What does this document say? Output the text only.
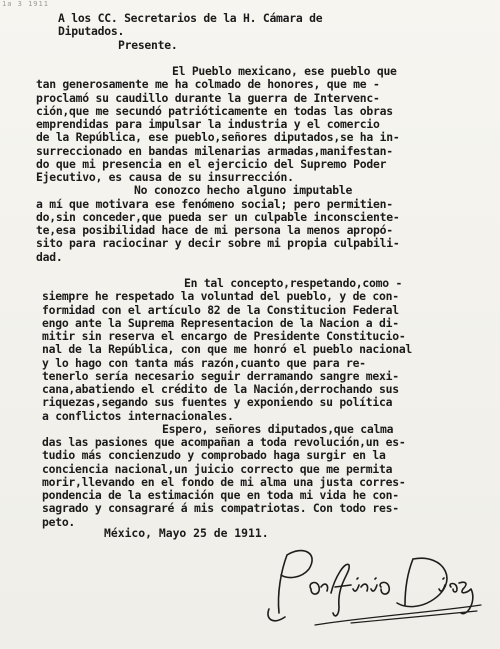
1a 3 1911
A los CC. Secretarios de la H. Cámara de
Diputados.
Presente.
El Pueblo mexicano, ese pueblo que
tan generosamente me ha colmado de honores, que me -
proclamó su caudillo durante la guerra de Intervenc-
ción,que me secundó patrióticamente en todas las obras
emprendidas para impulsar la industria y el comercio
de la República, ese pueblo,señores diputados,se ha in-
surreccionado en bandas milenarias armadas,manifestan-
do que mi presencia en el ejercicio del Supremo Poder
Ejecutivo, es causa de su insurrección.
No conozco hecho alguno imputable
a mí que motivara ese fenómeno social; pero permitien-
do,sin conceder,que pueda ser un culpable inconsciente-
te,esa posibilidad hace de mi persona la menos apropó-
sito para raciocinar y decir sobre mi propia culpabili-
dad.
En tal concepto,respetando,como -
siempre he respetado la voluntad del pueblo, y de con-
formidad con el artículo 82 de la Constitucion Federal
engo ante la Suprema Representacion de la Nacion a di-
mitir sin reserva el encargo de Presidente Constitucio-
nal de la República, con que me honró el pueblo nacional
y lo hago con tanta más razón,cuanto que para re-
tenerlo sería necesario seguir derramando sangre mexi-
cana,abatiendo el crédito de la Nación,derrochando sus
riquezas,segando sus fuentes y exponiendo su política
a conflictos internacionales.
Espero, señores diputados,que calma
das las pasiones que acompañan a toda revolución,un es-
tudio más concienzudo y comprobado haga surgir en la
conciencia nacional,un juicio correcto que me permita
morir,llevando en el fondo de mi alma una justa corres-
pondencia de la estimación que en toda mi vida he con-
sagrado y consagraré á mis compatriotas. Con todo res-
peto.
México, Mayo 25 de 1911.
